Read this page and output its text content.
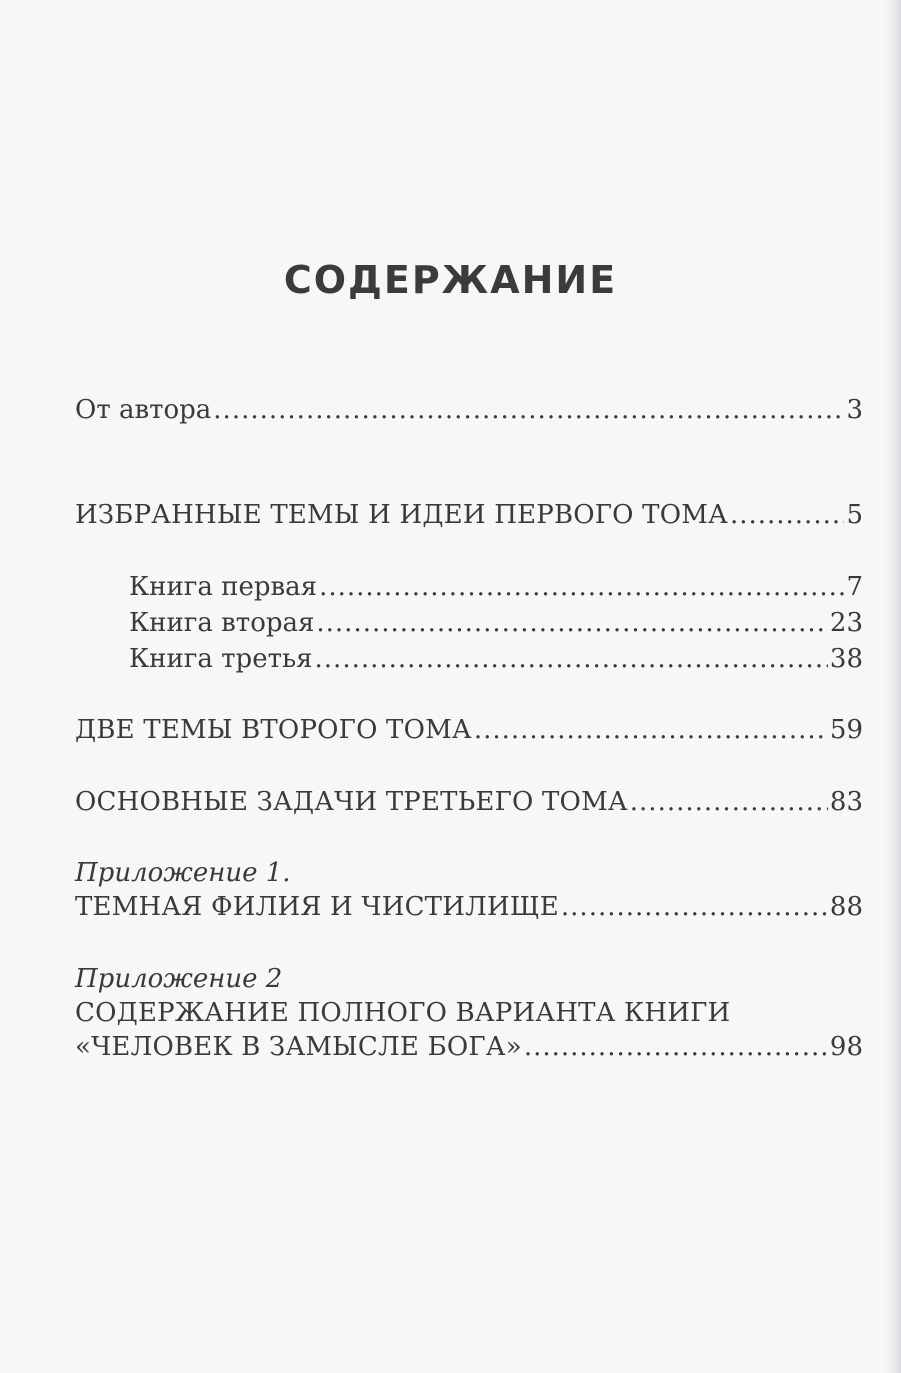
СОДЕРЖАНИЕ
От автора .....	3
ИЗБРАННЫЕ ТЕМЫ И ИДЕИ ПЕРВОГО ТОМА .....	5
Книга первая .....	7
Книга вторая .....	23
Книга третья .....	38
ДВЕ ТЕМЫ ВТОРОГО ТОМА .....	59
ОСНОВНЫЕ ЗАДАЧИ ТРЕТЬЕГО ТОМА .....	83
Приложение 1.
ТЕМНАЯ ФИЛИЯ И ЧИСТИЛИЩЕ .....	88
Приложение 2
СОДЕРЖАНИЕ ПОЛНОГО ВАРИАНТА КНИГИ
«ЧЕЛОВЕК В ЗАМЫСЛЕ БОГА» .....	98
